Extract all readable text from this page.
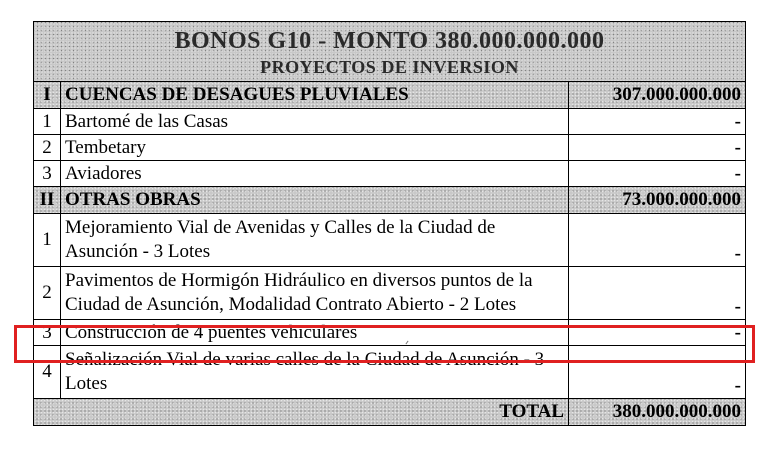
BONOS G10 - MONTO 380.000.000.000
PROYECTOS DE INVERSION		

I	CUENCAS DE DESAGUES PLUVIALES	307.000.000.000
1	Bartomé de las Casas	-
2	Tembetary	-
3	Aviadores	-
II	OTRAS OBRAS	73.000.000.000
1	Mejoramiento Vial de Avenidas y Calles de la Ciudad de Asunción - 3 Lotes	-
2	Pavimentos de Hormigón Hidráulico en diversos puntos de la Ciudad de Asunción, Modalidad Contrato Abierto - 2 Lotes	-
3	Construcción de 4 puentes vehiculares	-
4	Señalización Vial de varias calles de la Ciudad de Asunción - 3 Lotes	-
TOTAL		380.000.000.000
